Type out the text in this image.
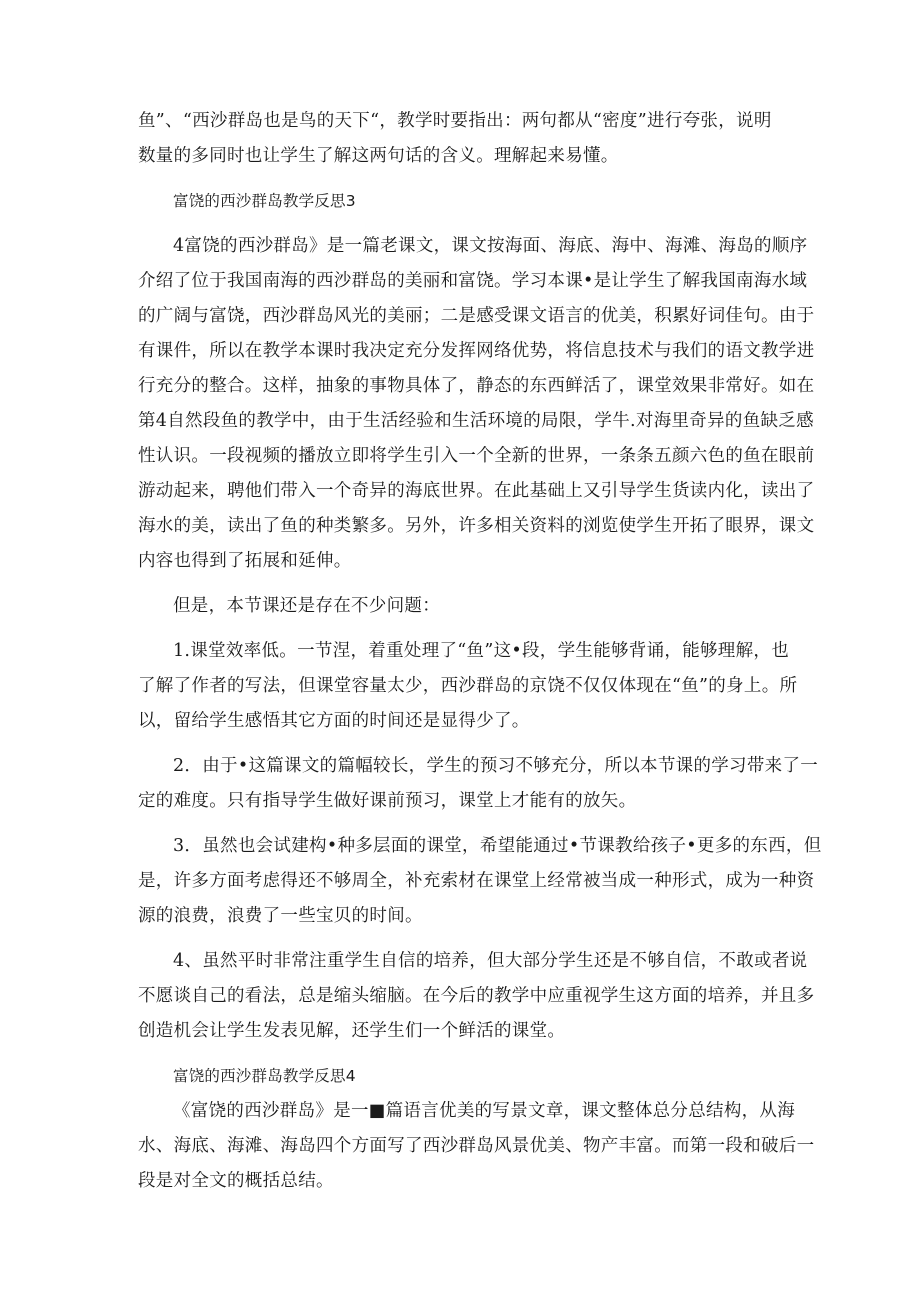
鱼”、“西沙群岛也是鸟的天下“，教学时要指出：两句都从“密度”进行夸张，说明
数量的多同时也让学生了解这两句话的含义。理解起来易懂。
富饶的西沙群岛教学反思3
4富饶的西沙群岛》是一篇老课文，课文按海面、海底、海中、海滩、海岛的顺序
介绍了位于我国南海的西沙群岛的美丽和富饶。学习本课•是让学生了解我国南海水域
的广阔与富饶，西沙群岛风光的美丽；二是感受课文语言的优美，积累好词佳句。由于
有课件，所以在教学本课时我决定充分发挥网络优势，将信息技术与我们的语文教学进
行充分的整合。这样，抽象的事物具体了，静态的东西鲜活了，课堂效果非常好。如在
第4自然段鱼的教学中，由于生活经验和生活环境的局限，学牛.对海里奇异的鱼缺乏感
性认识。一段视频的播放立即将学生引入一个全新的世界，一条条五颜六色的鱼在眼前
游动起来，聘他们带入一个奇异的海底世界。在此基础上又引导学生货读内化，读出了
海水的美，读出了鱼的种类繁多。另外，许多相关资料的浏览使学生开拓了眼界，课文
内容也得到了拓展和延伸。
但是，本节课还是存在不少问题：
1.课堂效率低。一节涅，着重处理了“鱼”这•段，学生能够背诵，能够理解，也
了解了作者的写法，但课堂容量太少，西沙群岛的京饶不仅仅体现在“鱼”的身上。所
以，留给学生感悟其它方面的时间还是显得少了。
2．由于•这篇课文的篇幅较长，学生的预习不够充分，所以本节课的学习带来了一
定的难度。只有指导学生做好课前预习，课堂上才能有的放矢。
3．虽然也会试建构•种多层面的课堂，希望能通过•节课教给孩子•更多的东西，但
是，许多方面考虑得还不够周全，补充索材在课堂上经常被当成一种形式，成为一种资
源的浪费，浪费了一些宝贝的时间。
4、虽然平时非常注重学生自信的培养，但大部分学生还是不够自信，不敢或者说
不愿谈自己的看法，总是缩头缩脑。在今后的教学中应重视学生这方面的培养，并且多
创造机会让学生发表见解，还学生们一个鲜活的课堂。
富饶的西沙群岛教学反思4
《富饶的西沙群岛》是一■篇语言优美的写景文章，课文整体总分总结构，从海
水、海底、海滩、海岛四个方面写了西沙群岛风景优美、物产丰富。而第一段和破后一
段是对全文的概括总结。
